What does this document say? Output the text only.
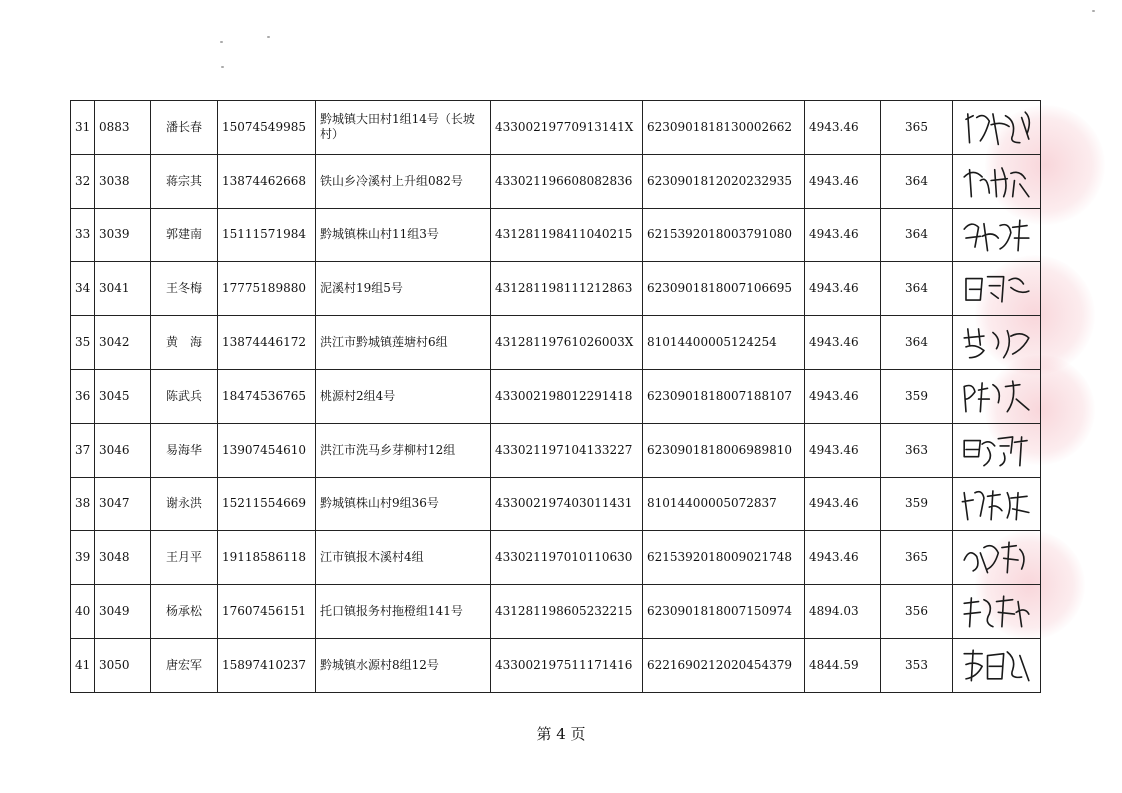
31	0883	潘长春	15074549985	黔城镇大田村1组14号（长坡村）	43300219770913141X	6230901818130002662	4943.46	365	

32	3038	蒋宗其	13874462668	铁山乡冷溪村上升组082号	433021196608082836	6230901812020232935	4943.46	364	

33	3039	郭建南	15111571984	黔城镇株山村11组3号	431281198411040215	6215392018003791080	4943.46	364	

34	3041	王冬梅	17775189880	泥溪村19组5号	431281198111212863	6230901818007106695	4943.46	364	

35	3042	黄　海	13874446172	洪江市黔城镇莲塘村6组	43128119761026003X	81014400005124254	4943.46	364	

36	3045	陈武兵	18474536765	桃源村2组4号	433002198012291418	6230901818007188107	4943.46	359	

37	3046	易海华	13907454610	洪江市洗马乡芽柳村12组	433021197104133227	6230901818006989810	4943.46	363	

38	3047	谢永洪	15211554669	黔城镇株山村9组36号	433002197403011431	81014400005072837	4943.46	359	

39	3048	王月平	19118586118	江市镇报木溪村4组	433021197010110630	6215392018009021748	4943.46	365	

40	3049	杨承松	17607456151	托口镇报务村拖橙组141号	431281198605232215	6230901818007150974	4894.03	356	

41	3050	唐宏军	15897410237	黔城镇水源村8组12号	433002197511171416	6221690212020454379	4844.59	353	
第 4 页
